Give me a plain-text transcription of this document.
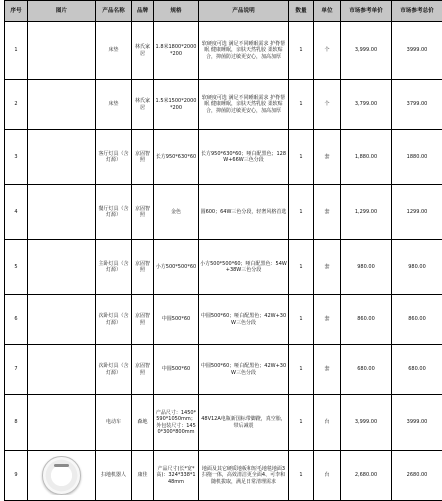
序号	图片	产品名称	品牌	规格	产品说明	数量	单位	市场参考单价	市场参考总价
1		床垫	林氏家居	1.8米1800*2000*200	软硬度可选 满足不同睡眠需求 护脊帮眠 健康睡眠，亲肤天然乳胶 柔软贴合，抑菌防过敏更安心，加高加厚	1	个	3,999.00	3999.00
2		床垫	林氏家居	1.5米1500*2000*200	软硬度可选 满足不同睡眠需求 护脊帮眠 健康睡眠，亲肤天然乳胶 柔软贴合，抑菌防过敏更安心，加高加厚	1	个	3,799.00	3799.00
3		客厅灯具（含灯源）	京固智照	长方950*630*60	长方950*630*60；哑白配黑色；128W+66W三色分段	1	套	1,880.00	1880.00
4		餐厅灯具（含灯源）	京固智照	金色	圆600；64W三色分段，轻奢风格首选	1	套	1,299.00	1299.00
5		主卧灯具（含灯源）	京固智照	小方500*500*60	小方500*500*60；哑白配黑色：54W+38W三色分段	1	套	980.00	980.00
6		次卧灯具（含灯源）	京固智照	中圆500*60	中圆500*60；哑白配黑色；42W+30W三色分段	1	套	860.00	860.00
7		次卧灯具（含灯源）	京固智照	中圆500*60	中圆500*60；哑白配黑色；42W+30W三色分段	1	套	680.00	680.00
8		电动车	森地	产品尺寸：1450*590*1050mm；外包装尺寸：1450*300*800mm	48V12A电瓶新国标带脚蹬，真空胎，带后减震	1	台	3,999.00	3999.00
9		扫地机器人	康佳	产品尺寸(长*宽*高)：324*338*148mm	地面及其它硬质地板和短毛地毯地面3扫拖一体，高效清洁更全面4、可李和随机拔取，满足日常清理需求	1	台	2,680.00	2680.00
